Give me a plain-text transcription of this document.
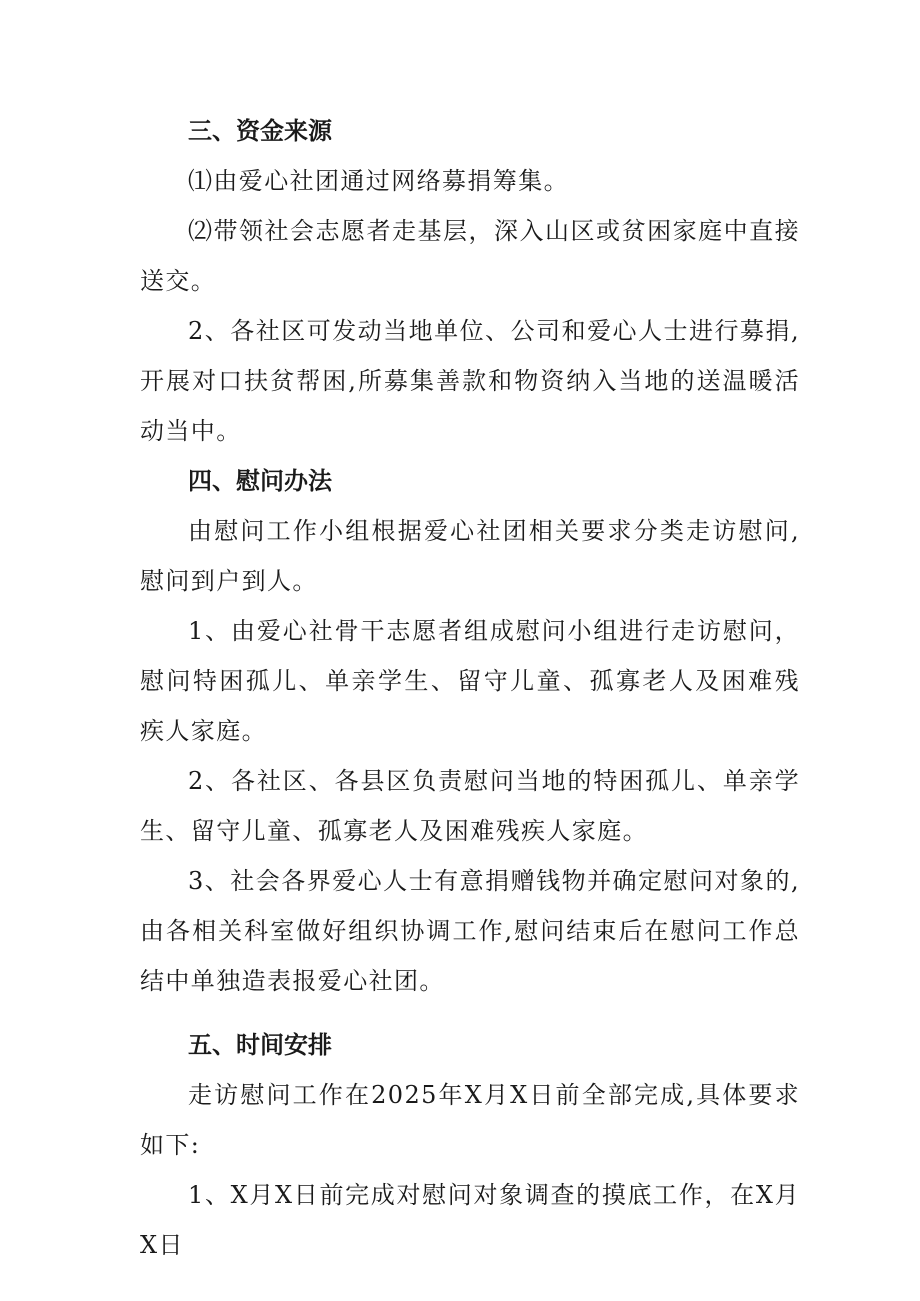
三、资金来源

⑴由爱心社团通过网络募捐筹集。

⑵带领社会志愿者走基层，深入山区或贫困家庭中直接送交。

2、各社区可发动当地单位、公司和爱心人士进行募捐,开展对口扶贫帮困,所募集善款和物资纳入当地的送温暖活动当中。

四、慰问办法

由慰问工作小组根据爱心社团相关要求分类走访慰问,慰问到户到人。

1、由爱心社骨干志愿者组成慰问小组进行走访慰问，慰问特困孤儿、单亲学生、留守儿童、孤寡老人及困难残疾人家庭。

2、各社区、各县区负责慰问当地的特困孤儿、单亲学生、留守儿童、孤寡老人及困难残疾人家庭。

3、社会各界爱心人士有意捐赠钱物并确定慰问对象的,由各相关科室做好组织协调工作,慰问结束后在慰问工作总结中单独造表报爱心社团。

五、时间安排

走访慰问工作在2025年X月X日前全部完成,具体要求如下:

1、X月X日前完成对慰问对象调查的摸底工作，在X月X日
